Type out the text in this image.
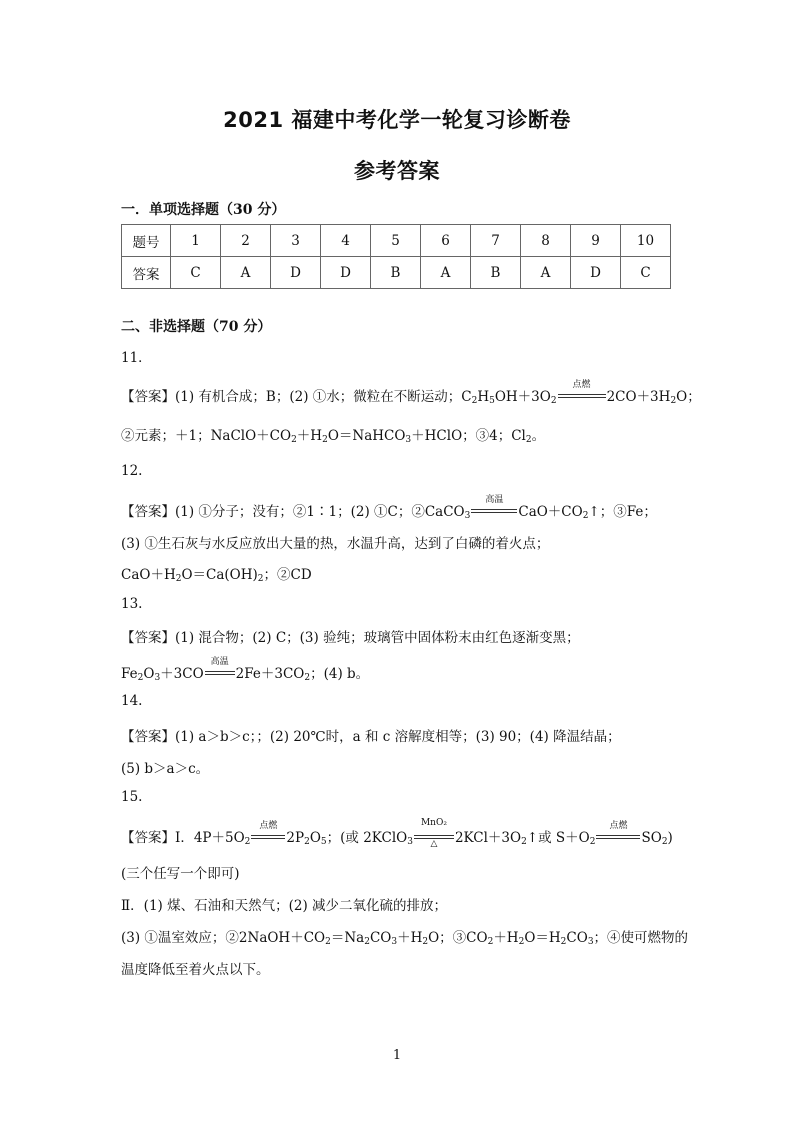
2021 福建中考化学一轮复习诊断卷
参考答案
一．单项选择题（30 分）
题号	1	2	3	4	5	6	7	8	9	10
答案	C	A	D	D	B	A	B	A	D	C
二、非选择题（70 分）
11．
【答案】(1) 有机合成；B；(2) ①水；微粒在不断运动；$C_2H_5OH+3O_2$
点燃
$2CO+3H_2O$；
②元素；＋1；$NaClO+CO_2+H_2O=NaHCO_3+HClO$；③4；$Cl_2$。
12.
【答案】(1) ①分子；没有；②1∶1；(2) ①C；②CaCO$_3$
高温
$CaO+CO_2↑$；③Fe；
(3) ①生石灰与水反应放出大量的热，水温升高，达到了白磷的着火点；
$CaO+H_2O=Ca(OH)_2$；②CD
13.
【答案】(1) 混合物；(2) C；(3) 验纯；玻璃管中固体粉末由红色逐渐变黑；
$Fe_2O_3+3CO$
高温
$2Fe+3CO_2$；(4) b。
14.
【答案】(1) a＞b＞c；；(2) 20℃时，a 和 c 溶解度相等；(3) 90；(4) 降温结晶；
(5) b＞a＞c。
15.
【答案】I．$4P+5O_2$
点燃
$2P_2O_5$；(或 2KClO$_3$
MnO₂
△	$2KCl+3O_2↑$或 $S+O_2$
点燃
$SO_2$)
(三个任写一个即可)
Ⅱ．(1) 煤、石油和天然气；(2) 减少二氧化硫的排放；
(3) ①温室效应；$②2NaOH+CO_2=Na_2CO_3+H_2O$；$③CO_2+H_2O=H_2CO_3$；④使可燃物的
温度降低至着火点以下。
1
